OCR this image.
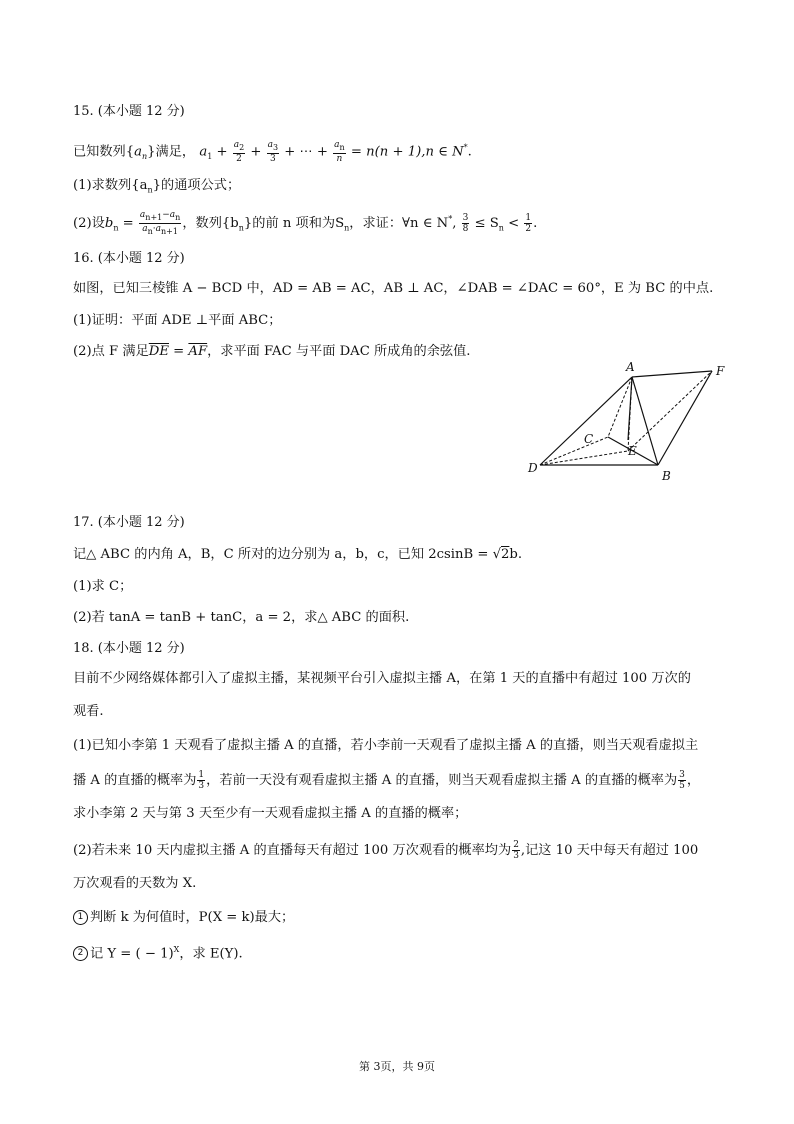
15. (本小题 12 分)
已知数列$\{a_n\}$满足， $a_1 + \frac{a_2}{2} + \frac{a_3}{3}$ + ⋯ + $\frac{a_n}{n} = n(n + 1),n$ ∈ N*.
(1)求数列$\{a_n\}$的通项公式；
(2)设$b_n = \frac{a_{n+1}-a_n}{a_n\cdot a_{n+1}}$ ，数列$\{b_n\}$的前 n 项和为$S_n$，求证：∀n ∈ N*, $\frac{3}{8} \le S_n < \frac{1}{2}$ .
16. (本小题 12 分)
如图，已知三棱锥 A − BCD 中，AD = AB = AC，AB ⊥ AC，∠DAB = ∠DAC = 60°，E 为 BC 的中点.
(1)证明：平面 ADE ⊥平面 ABC；
(2)点 F 满足$\overline{DE} = \overline{AF}$，求平面 FAC 与平面 DAC 所成角的余弦值.
A
B
C
D
E
F
17. (本小题 12 分)
记△ ABC 的内角 A，B，C 所对的边分别为 a，b，c，已知 2csinB = √2b.
(1)求 C；
(2)若 tanA = tanB + tanC，a = 2，求△ ABC 的面积.
18. (本小题 12 分)
目前不少网络媒体都引入了虚拟主播，某视频平台引入虚拟主播 A，在第 1 天的直播中有超过 100 万次的
观看.
(1)已知小李第 1 天观看了虚拟主播 A 的直播，若小李前一天观看了虚拟主播 A 的直播，则当天观看虚拟主
播 A 的直播的概率为 $\frac{1}{3}$ ，若前一天没有观看虚拟主播 A 的直播，则当天观看虚拟主播 A 的直播的概率为 $\frac{3}{5}$ ，
求小李第 2 天与第 3 天至少有一天观看虚拟主播 A 的直播的概率；
(2)若未来 10 天内虚拟主播 A 的直播每天有超过 100 万次观看的概率均为 $\frac{2}{3}$ ,记这 10 天中每天有超过 100
万次观看的天数为 X.
1 判断 k 为何值时，P(X = k)最大；
2 记 Y = ( − 1)$^X$，求 E(Y).
第 3页，共 9页
